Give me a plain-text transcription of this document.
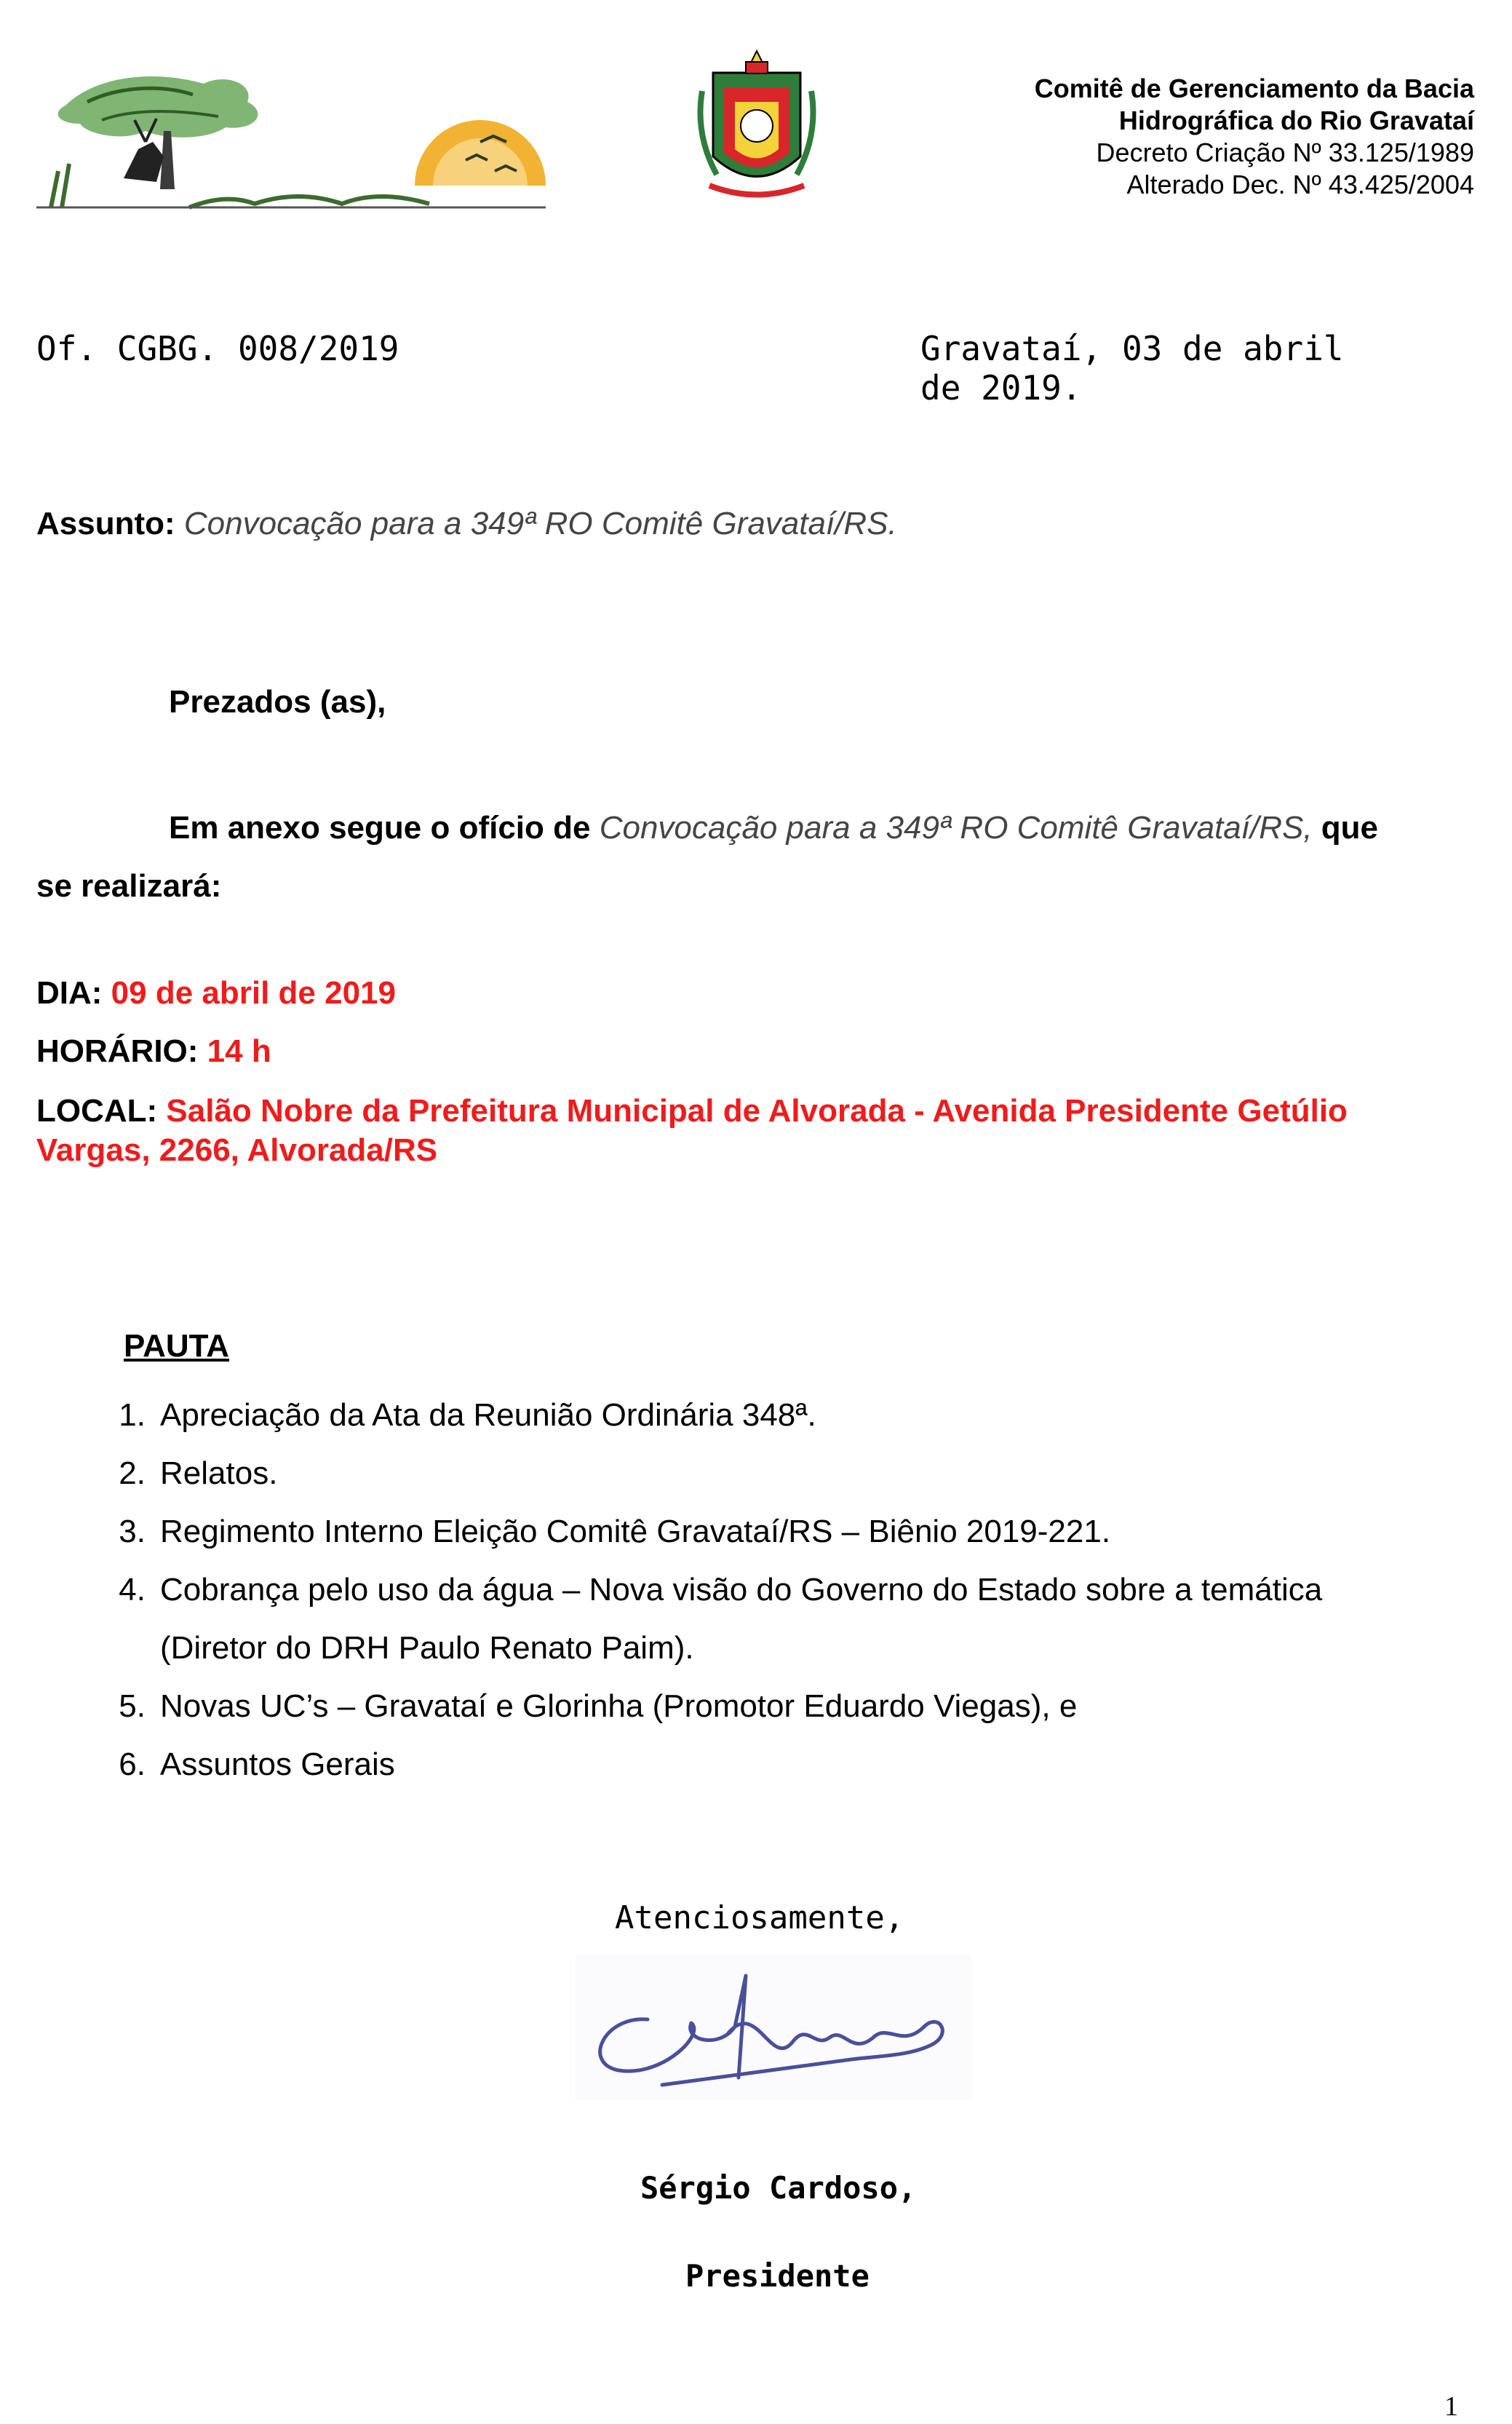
Comitê de Gerenciamento da Bacia
Hidrográfica do Rio Gravataí
Decreto Criação Nº 33.125/1989
Alterado Dec. Nº 43.425/2004
Of. CGBG. 008/2019	Gravataí, 03 de abril de 2019.
Assunto: Convocação para a 349ª RO Comitê Gravataí/RS.
Prezados (as),
Em anexo segue o ofício de Convocação para a 349ª RO Comitê Gravataí/RS, que
se realizará:
DIA: 09 de abril de 2019
HORÁRIO: 14 h
LOCAL: Salão Nobre da Prefeitura Municipal de Alvorada - Avenida Presidente Getúlio Vargas, 2266, Alvorada/RS
PAUTA
1. Apreciação da Ata da Reunião Ordinária 348ª.
2. Relatos.
3. Regimento Interno Eleição Comitê Gravataí/RS – Biênio 2019-221.
4. Cobrança pelo uso da água – Nova visão do Governo do Estado sobre a temática
(Diretor do DRH Paulo Renato Paim).
5. Novas UC’s – Gravataí e Glorinha (Promotor Eduardo Viegas), e
6. Assuntos Gerais
Atenciosamente,
Sérgio Cardoso,
Presidente
1
